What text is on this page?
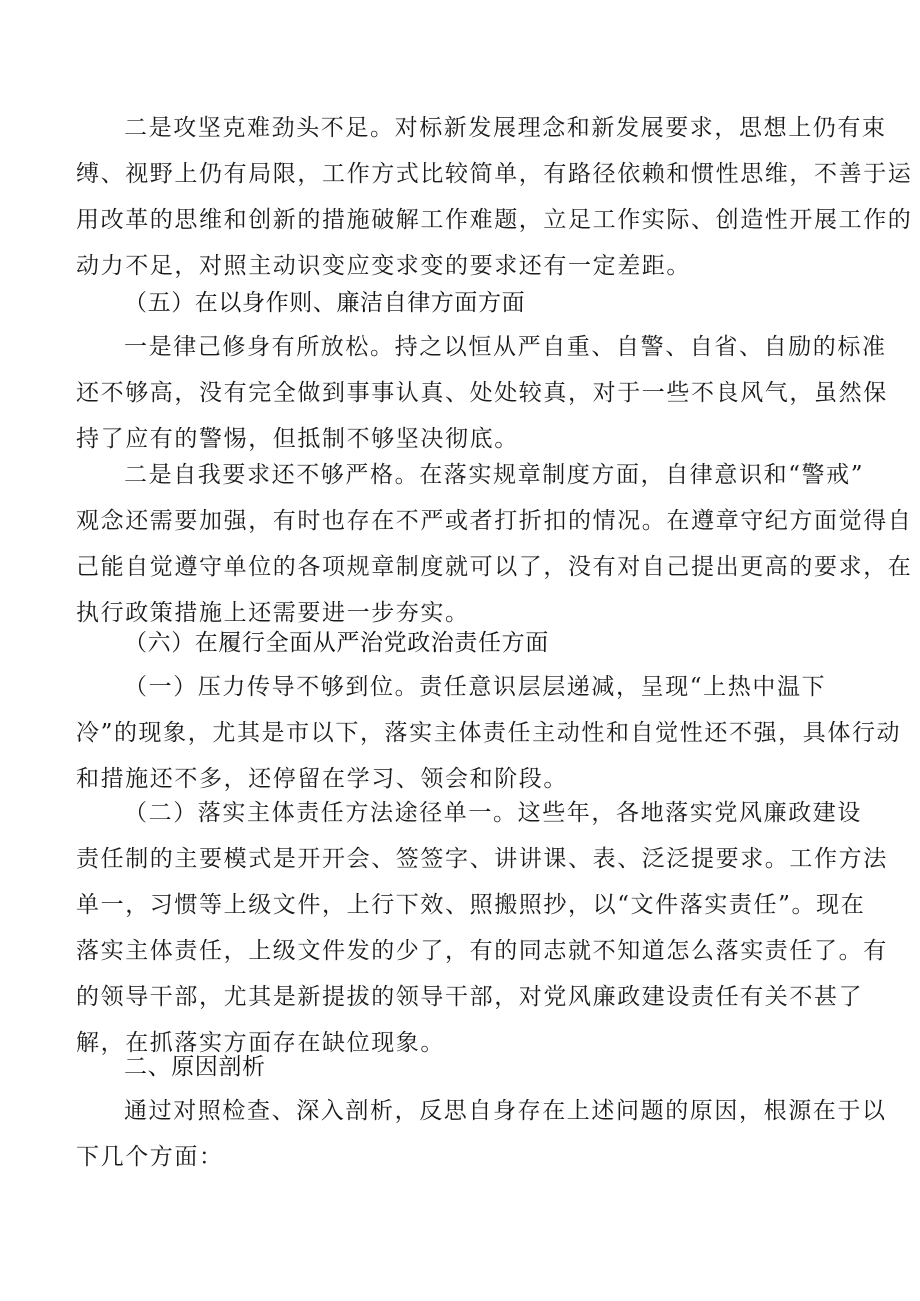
二是攻坚克难劲头不足。对标新发展理念和新发展要求，思想上仍有束
缚、视野上仍有局限，工作方式比较简单，有路径依赖和惯性思维，不善于运
用改革的思维和创新的措施破解工作难题，立足工作实际、创造性开展工作的
动力不足，对照主动识变应变求变的要求还有一定差距。
（五）在以身作则、廉洁自律方面方面
一是律己修身有所放松。持之以恒从严自重、自警、自省、自励的标准
还不够高，没有完全做到事事认真、处处较真，对于一些不良风气，虽然保
持了应有的警惕，但抵制不够坚决彻底。
二是自我要求还不够严格。在落实规章制度方面，自律意识和“警戒”
观念还需要加强，有时也存在不严或者打折扣的情况。在遵章守纪方面觉得自
己能自觉遵守单位的各项规章制度就可以了，没有对自己提出更高的要求，在
执行政策措施上还需要进一步夯实。
（六）在履行全面从严治党政治责任方面
（一）压力传导不够到位。责任意识层层递减，呈现“上热中温下
冷”的现象，尤其是市以下，落实主体责任主动性和自觉性还不强，具体行动
和措施还不多，还停留在学习、领会和阶段。
（二）落实主体责任方法途径单一。这些年，各地落实党风廉政建设
责任制的主要模式是开开会、签签字、讲讲课、表、泛泛提要求。工作方法
单一，习惯等上级文件，上行下效、照搬照抄，以“文件落实责任”。现在
落实主体责任，上级文件发的少了，有的同志就不知道怎么落实责任了。有
的领导干部，尤其是新提拔的领导干部，对党风廉政建设责任有关不甚了
解，在抓落实方面存在缺位现象。
二、原因剖析
通过对照检查、深入剖析，反思自身存在上述问题的原因，根源在于以
下几个方面：
